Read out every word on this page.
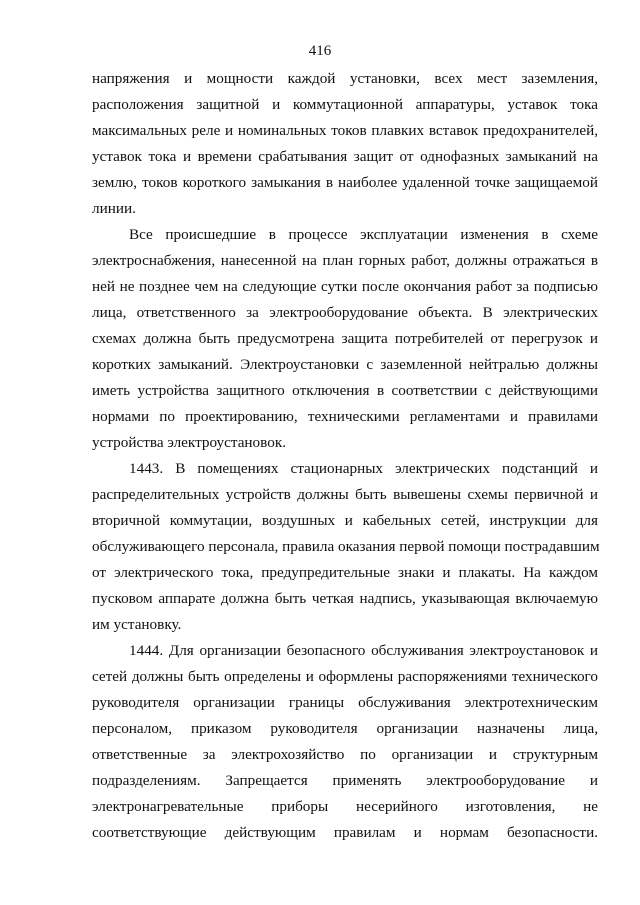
416
напряжения и мощности каждой установки, всех мест заземления,
расположения защитной и коммутационной аппаратуры, уставок тока
максимальных реле и номинальных токов плавких вставок предохранителей,
уставок тока и времени срабатывания защит от однофазных замыканий на
землю, токов короткого замыкания в наиболее удаленной точке защищаемой
линии.
Все происшедшие в процессе эксплуатации изменения в схеме
электроснабжения, нанесенной на план горных работ, должны отражаться в
ней не позднее чем на следующие сутки после окончания работ за подписью
лица, ответственного за электрооборудование объекта. В электрических
схемах должна быть предусмотрена защита потребителей от перегрузок и
коротких замыканий. Электроустановки с заземленной нейтралью должны
иметь устройства защитного отключения в соответствии с действующими
нормами по проектированию, техническими регламентами и правилами
устройства электроустановок.
1443. В помещениях стационарных электрических подстанций и
распределительных устройств должны быть вывешены схемы первичной и
вторичной коммутации, воздушных и кабельных сетей, инструкции для
обслуживающего персонала, правила оказания первой помощи пострадавшим
от электрического тока, предупредительные знаки и плакаты. На каждом
пусковом аппарате должна быть четкая надпись, указывающая включаемую
им установку.
1444. Для организации безопасного обслуживания электроустановок и
сетей должны быть определены и оформлены распоряжениями технического
руководителя организации границы обслуживания электротехническим
персоналом, приказом руководителя организации назначены лица,
ответственные за электрохозяйство по организации и структурным
подразделениям. Запрещается применять электрооборудование и
электронагревательные приборы несерийного изготовления, не
соответствующие действующим правилам и нормам безопасности.
